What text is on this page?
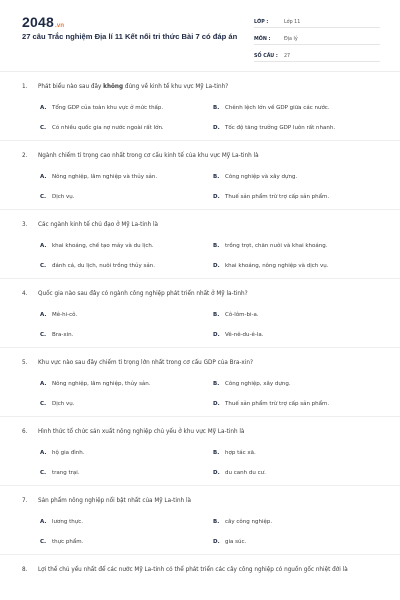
2048.vn
27 câu Trắc nghiệm Địa lí 11 Kết nối tri thức Bài 7 có đáp án
LỚP :	Lớp 11
MÔN :	Địa lý
SỐ CÂU :	27
1. Phát biểu nào sau đây không đúng về kinh tế khu vực Mỹ La-tinh?
A. Tổng GDP của toàn khu vực ở mức thấp.	B. Chênh lệch lớn về GDP giữa các nước.
C. Có nhiều quốc gia nợ nước ngoài rất lớn.	D. Tốc độ tăng trưởng GDP luôn rất nhanh.
2. Ngành chiếm tỉ trọng cao nhất trong cơ cấu kinh tế của khu vực Mỹ La-tinh là
A. Nông nghiệp, lâm nghiệp và thủy sản.	B. Công nghiệp và xây dựng.
C. Dịch vụ.	D. Thuế sản phẩm trừ trợ cấp sản phẩm.
3. Các ngành kinh tế chủ đạo ở Mỹ La-tinh là
A. khai khoáng, chế tạo máy và du lịch.	B. trồng trọt, chăn nuôi và khai khoáng.
C. đánh cá, du lịch, nuôi trồng thủy sản.	D. khai khoáng, nông nghiệp và dịch vụ.
4. Quốc gia nào sau đây có ngành công nghiệp phát triển nhất ở Mỹ la-tinh?
A. Mê-hi-cô.	B. Cô-lôm-bi-a.
C. Bra-xin.	D. Vê-nê-du-ê-la.
5. Khu vực nào sau đây chiếm tỉ trọng lớn nhất trong cơ cấu GDP của Bra-xin?
A. Nông nghiệp, lâm nghiệp, thủy sản.	B. Công nghiệp, xây dựng.
C. Dịch vụ.	D. Thuế sản phẩm trừ trợ cấp sản phẩm.
6. Hình thức tổ chức sản xuất nông nghiệp chủ yếu ở khu vực Mỹ La-tinh là
A. hộ gia đình.	B. hợp tác xã.
C. trang trại.	D. du canh du cư.
7. Sản phẩm nông nghiệp nổi bật nhất của Mỹ La-tinh là
A. lương thực.	B. cây công nghiệp.
C. thực phẩm.	D. gia súc.
8. Lợi thế chủ yếu nhất để các nước Mỹ La-tinh có thể phát triển các cây công nghiệp có nguồn gốc nhiệt đới là
